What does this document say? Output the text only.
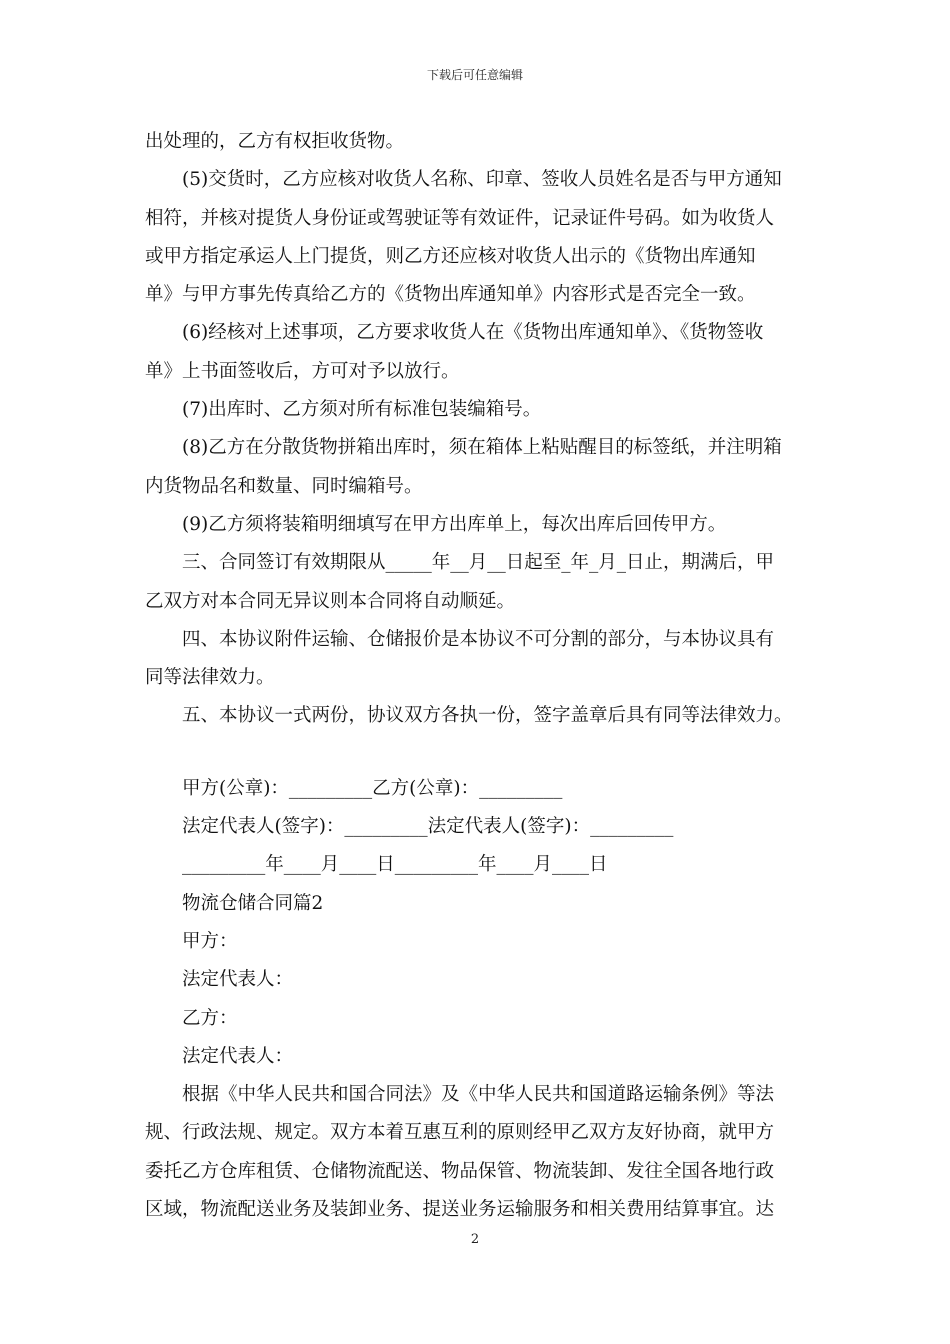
下载后可任意编辑
出处理的，乙方有权拒收货物。
(5)交货时，乙方应核对收货人名称、印章、签收人员姓名是否与甲方通知
相符，并核对提货人身份证或驾驶证等有效证件，记录证件号码。如为收货人
或甲方指定承运人上门提货，则乙方还应核对收货人出示的《货物出库通知
单》与甲方事先传真给乙方的《货物出库通知单》内容形式是否完全一致。
(6)经核对上述事项，乙方要求收货人在《货物出库通知单》、《货物签收
单》上书面签收后，方可对予以放行。
(7)出库时、乙方须对所有标准包装编箱号。
(8)乙方在分散货物拼箱出库时，须在箱体上粘贴醒目的标签纸，并注明箱
内货物品名和数量、同时编箱号。
(9)乙方须将装箱明细填写在甲方出库单上，每次出库后回传甲方。
三、合同签订有效期限从_____年__月__日起至_年_月_日止，期满后，甲
乙双方对本合同无异议则本合同将自动顺延。
四、本协议附件运输、仓储报价是本协议不可分割的部分，与本协议具有
同等法律效力。
五、本协议一式两份，协议双方各执一份，签字盖章后具有同等法律效力。
甲方(公章)：_________乙方(公章)：_________
法定代表人(签字)：_________法定代表人(签字)：_________
_________年____月____日_________年____月____日
物流仓储合同篇2
甲方：
法定代表人：
乙方：
法定代表人：
根据《中华人民共和国合同法》及《中华人民共和国道路运输条例》等法
规、行政法规、规定。双方本着互惠互利的原则经甲乙双方友好协商，就甲方
委托乙方仓库租赁、仓储物流配送、物品保管、物流装卸、发往全国各地行政
区域，物流配送业务及装卸业务、提送业务运输服务和相关费用结算事宜。达
2
